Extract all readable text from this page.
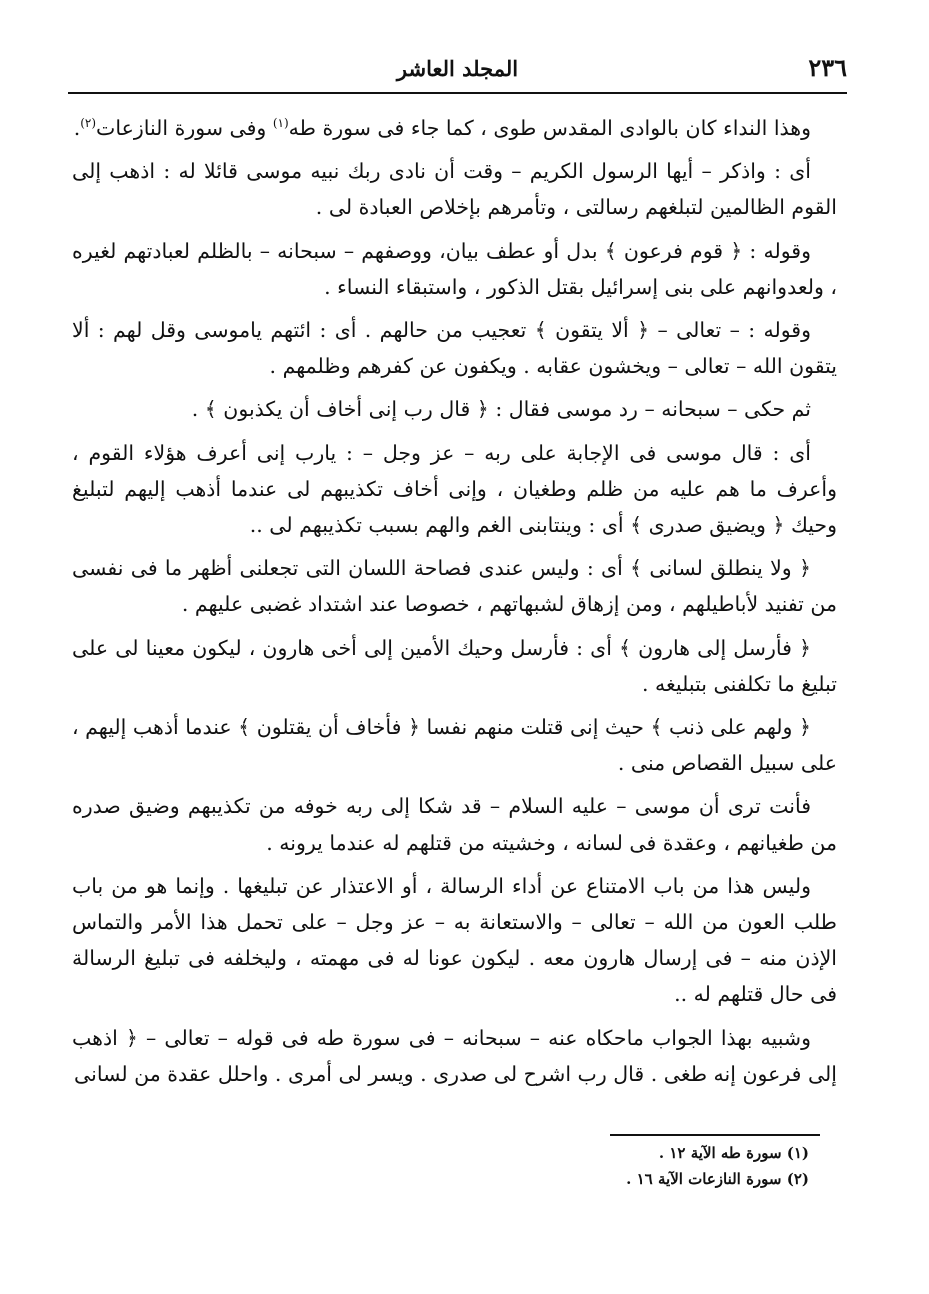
٢٣٦
المجلد العاشر

وهذا النداء كان بالوادى المقدس طوى ، كما جاء فى سورة طه$^{(١)}$ وفى سورة النازعات$^{(٢)}$.

أى : واذكر – أيها الرسول الكريم – وقت أن نادى ربك نبيه موسى قائلا له : اذهب إلى القوم الظالمين لتبلغهم رسالتى ، وتأمرهم بإخلاص العبادة لى .

وقوله : ﴿ قوم فرعون ﴾ بدل أو عطف بيان، ووصفهم – سبحانه – بالظلم لعبادتهم لغيره ، ولعدوانهم على بنى إسرائيل بقتل الذكور ، واستبقاء النساء .

وقوله : – تعالى – ﴿ ألا يتقون ﴾ تعجيب من حالهم . أى : ائتهم ياموسى وقل لهم : ألا يتقون الله – تعالى – ويخشون عقابه . ويكفون عن كفرهم وظلمهم .

ثم حكى – سبحانه – رد موسى فقال : ﴿ قال رب إنى أخاف أن يكذبون ﴾ .

أى : قال موسى فى الإجابة على ربه – عز وجل – : يارب إنى أعرف هؤلاء القوم ، وأعرف ما هم عليه من ظلم وطغيان ، وإنى أخاف تكذيبهم لى عندما أذهب إليهم لتبليغ وحيك ﴿ ويضيق صدرى ﴾ أى : وينتابنى الغم والهم بسبب تكذيبهم لى ..

﴿ ولا ينطلق لسانى ﴾ أى : وليس عندى فصاحة اللسان التى تجعلنى أظهر ما فى نفسى من تفنيد لأباطيلهم ، ومن إزهاق لشبهاتهم ، خصوصا عند اشتداد غضبى عليهم .

﴿ فأرسل إلى هارون ﴾ أى : فأرسل وحيك الأمين إلى أخى هارون ، ليكون معينا لى على تبليغ ما تكلفنى بتبليغه .

﴿ ولهم على ذنب ﴾ حيث إنى قتلت منهم نفسا ﴿ فأخاف أن يقتلون ﴾ عندما أذهب إليهم ، على سبيل القصاص منى .

فأنت ترى أن موسى – عليه السلام – قد شكا إلى ربه خوفه من تكذيبهم وضيق صدره من طغيانهم ، وعقدة فى لسانه ، وخشيته من قتلهم له عندما يرونه .

وليس هذا من باب الامتناع عن أداء الرسالة ، أو الاعتذار عن تبليغها . وإنما هو من باب طلب العون من الله – تعالى – والاستعانة به – عز وجل – على تحمل هذا الأمر والتماس الإذن منه – فى إرسال هارون معه . ليكون عونا له فى مهمته ، وليخلفه فى تبليغ الرسالة فى حال قتلهم له ..

وشبيه بهذا الجواب ماحكاه عنه – سبحانه – فى سورة طه فى قوله – تعالى – ﴿ اذهب إلى فرعون إنه طغى . قال رب اشرح لى صدرى . ويسر لى أمرى . واحلل عقدة من لسانى

(١) سورة طه الآية ١٢ .

(٢) سورة النازعات الآية ١٦ .
